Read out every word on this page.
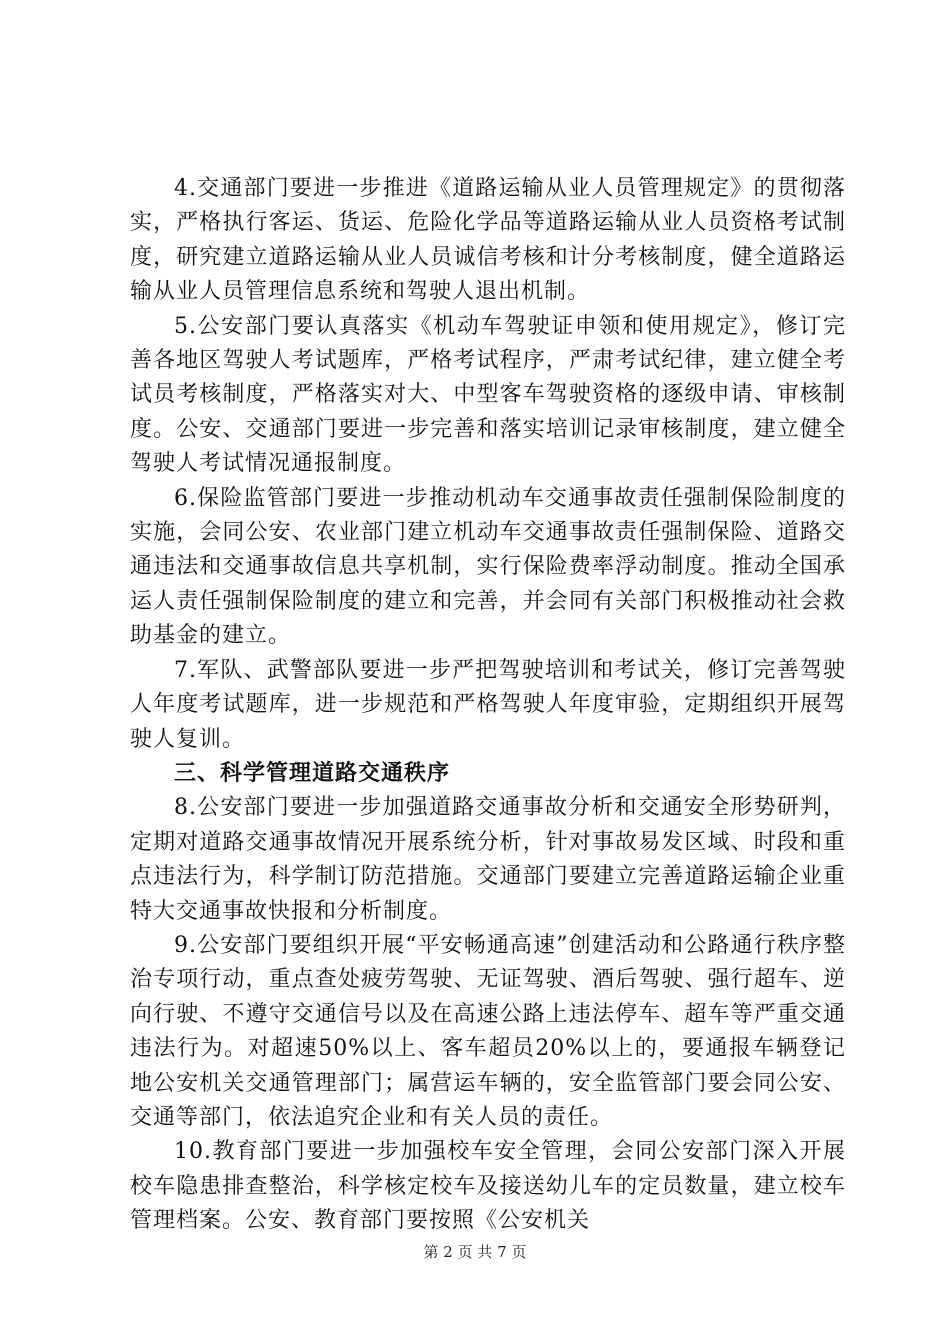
4.交通部门要进一步推进《道路运输从业人员管理规定》的贯彻落实，严格执行客运、货运、危险化学品等道路运输从业人员资格考试制度，研究建立道路运输从业人员诚信考核和计分考核制度，健全道路运输从业人员管理信息系统和驾驶人退出机制。

5.公安部门要认真落实《机动车驾驶证申领和使用规定》，修订完善各地区驾驶人考试题库，严格考试程序，严肃考试纪律，建立健全考试员考核制度，严格落实对大、中型客车驾驶资格的逐级申请、审核制度。公安、交通部门要进一步完善和落实培训记录审核制度，建立健全驾驶人考试情况通报制度。

6.保险监管部门要进一步推动机动车交通事故责任强制保险制度的实施，会同公安、农业部门建立机动车交通事故责任强制保险、道路交通违法和交通事故信息共享机制，实行保险费率浮动制度。推动全国承运人责任强制保险制度的建立和完善，并会同有关部门积极推动社会救助基金的建立。

7.军队、武警部队要进一步严把驾驶培训和考试关，修订完善驾驶人年度考试题库，进一步规范和严格驾驶人年度审验，定期组织开展驾驶人复训。

三、科学管理道路交通秩序

8.公安部门要进一步加强道路交通事故分析和交通安全形势研判，定期对道路交通事故情况开展系统分析，针对事故易发区域、时段和重点违法行为，科学制订防范措施。交通部门要建立完善道路运输企业重特大交通事故快报和分析制度。

9.公安部门要组织开展“平安畅通高速”创建活动和公路通行秩序整治专项行动，重点查处疲劳驾驶、无证驾驶、酒后驾驶、强行超车、逆向行驶、不遵守交通信号以及在高速公路上违法停车、超车等严重交通违法行为。对超速50%以上、客车超员20%以上的，要通报车辆登记地公安机关交通管理部门；属营运车辆的，安全监管部门要会同公安、交通等部门，依法追究企业和有关人员的责任。

10.教育部门要进一步加强校车安全管理，会同公安部门深入开展校车隐患排查整治，科学核定校车及接送幼儿车的定员数量，建立校车管理档案。公安、教育部门要按照《公安机关

第 2 页 共 7 页
